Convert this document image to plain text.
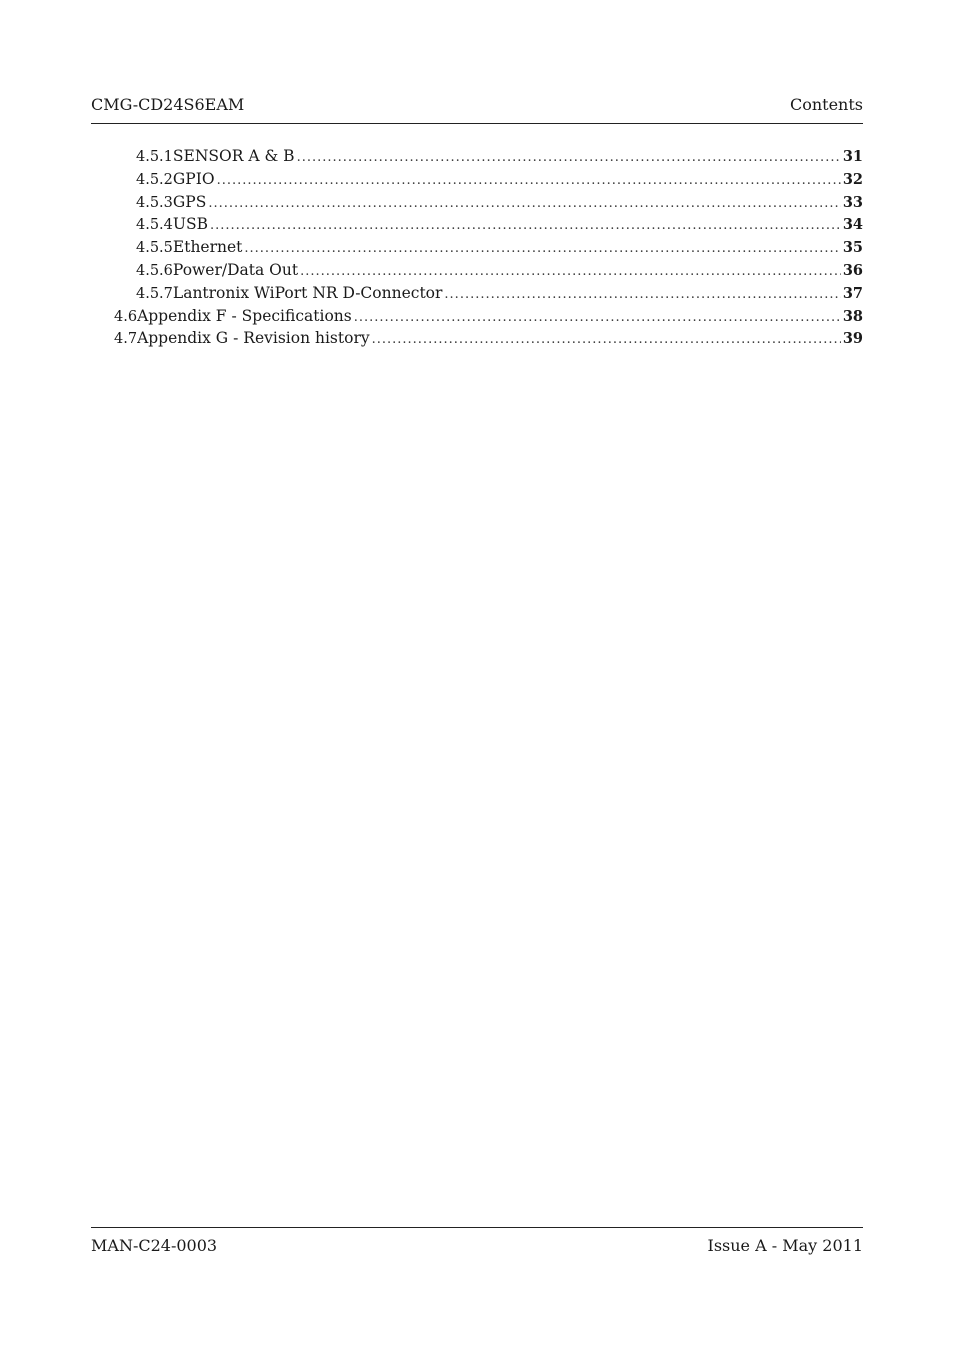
CMG-CD24S6EAM	Contents
4.5.1 SENSOR A & B .....	31
4.5.2 GPIO .....	32
4.5.3 GPS .....	33
4.5.4 USB .....	34
4.5.5 Ethernet .....	35
4.5.6 Power/Data Out .....	36
4.5.7 Lantronix WiPort NR D-Connector .....	37
4.6 Appendix F - Specifications .....	38
4.7 Appendix G - Revision history .....	39
MAN-C24-0003	Issue A - May 2011
